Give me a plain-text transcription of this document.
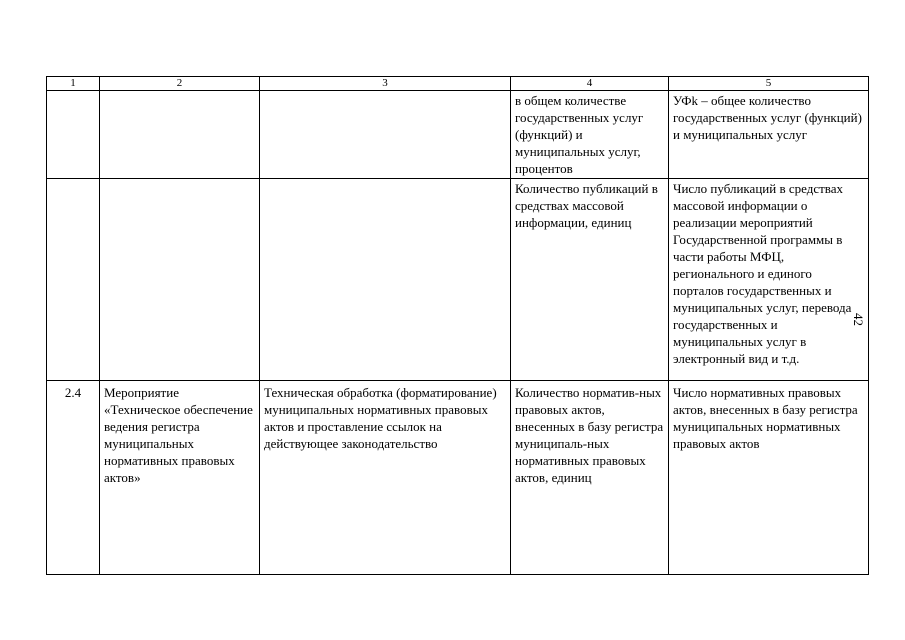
1	2	3	4	5
			в общем количестве государственных услуг (функций) и муниципальных услуг, процентов	УФk – общее количество государственных услуг (функций) и муниципальных услуг
			Количество публикаций в средствах массовой информации, единиц	Число публикаций в средствах массовой информации о реализации мероприятий Государственной программы в части работы МФЦ, регионального и единого порталов государственных и муниципальных услуг, перевода государственных и муниципальных услуг в электронный вид и т.д.
2.4	Мероприятие «Техническое обеспечение ведения регистра муниципальных нормативных правовых актов»	Техническая обработка (форматирование) муниципальных нормативных правовых актов и проставление ссылок на действующее законодательство	Количество норматив-ных правовых актов, внесенных в базу регистра муниципаль-ных нормативных правовых актов, единиц	Число нормативных правовых актов, внесенных в базу регистра муниципальных нормативных правовых актов
42
